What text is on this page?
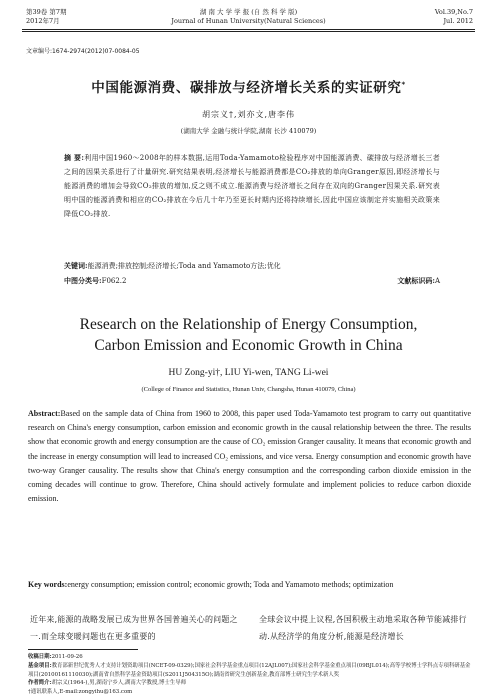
第39卷 第7期
2012年7月
湖 南 大 学 学 报 (自 然 科 学 版)
Journal of Hunan University(Natural Sciences)
Vol.39,No.7
Jul. 2012
文章编号:1674-2974(2012)07-0084-05
中国能源消费、碳排放与经济增长关系的实证研究*
胡宗义†,刘亦文,唐李伟
(湖南大学 金融与统计学院,湖南 长沙 410079)
摘 要:利用中国1960～2008年的样本数据,运用Toda-Yamamoto检验程序对中国能源消费、碳排放与经济增长三者之间的因果关系进行了计量研究.研究结果表明,经济增长与能源消费都是CO₂排放的单向Granger原因,即经济增长与能源消费的增加会导致CO₂排放的增加,反之则不成立.能源消费与经济增长之间存在双向的Granger因果关系.研究表明中国的能源消费和相应的CO₂排放在今后几十年乃至更长时期内还将持续增长,因此中国应该制定并实施相关政策来降低CO₂排放.
关键词:能源消费;排放控制;经济增长;Toda and Yamamoto方法;优化
中图分类号:F062.2	文献标识码:A
Research on the Relationship of Energy Consumption,
Carbon Emission and Economic Growth in China
HU Zong-yi†, LIU Yi-wen, TANG Li-wei
(College of Finance and Statistics, Hunan Univ, Changsha, Hunan 410079, China)
Abstract:Based on the sample data of China from 1960 to 2008, this paper used Toda-Yamamoto test program to carry out quantitative research on China's energy consumption, carbon emission and economic growth in the causal relationship between the three. The results show that economic growth and energy consumption are the cause of CO₂ emission Granger causality. It means that economic growth and the increase in energy consumption will lead to increased CO₂ emissions, and vice versa. Energy consumption and economic growth have two-way Granger causality. The results show that China's energy consumption and the corresponding carbon dioxide emission in the coming decades will continue to grow. Therefore, China should actively formulate and implement policies to reduce carbon dioxide emission.
Key words:energy consumption; emission control; economic growth; Toda and Yamamoto methods; optimization
近年来,能源的战略发展已成为世界各国普遍关心的问题之一.而全球变暖问题也在更多重要的
全球会议中提上议程,各国积极主动地采取各种节能减排行动.从经济学的角度分析,能源是经济增长
收稿日期:2011-09-26
基金项目:教育部新世纪优秀人才支持计划资助项目(NCET-09-0329);国家社会科学基金重点项目(12AJL007);国家社会科学基金重点项目(09BJL014);高等学校博士学科点专项科研基金项目(20100161110030);湖南省自然科学基金资助项目(S2011J504315O);湖南省研究生创新基金,教育部博士研究生学术新人奖
作者简介:胡宗义(1964-),男,湖南宁乡人,湖南大学教授,博士生导师
†通讯联系人,E-mail:zongyihu@163.com
